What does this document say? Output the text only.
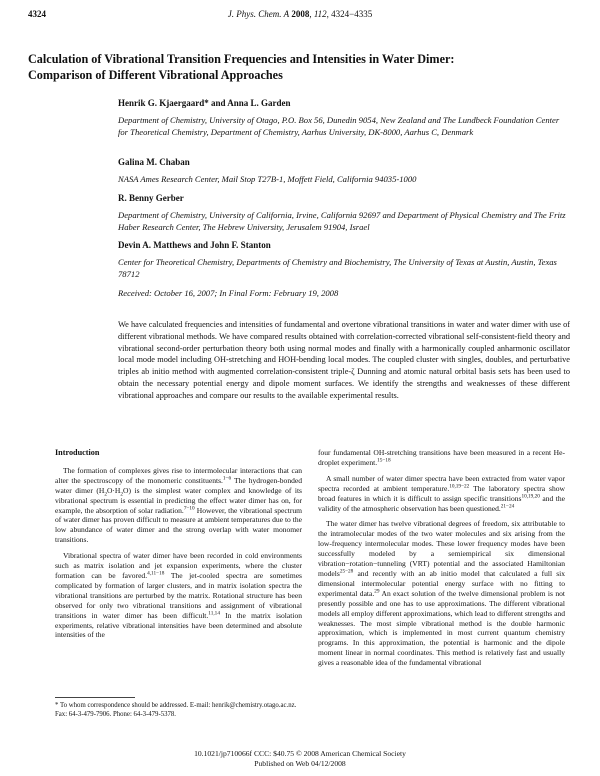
4324	J. Phys. Chem. A 2008, 112, 4324−4335
Calculation of Vibrational Transition Frequencies and Intensities in Water Dimer:
Comparison of Different Vibrational Approaches
Henrik G. Kjaergaard* and Anna L. Garden
Department of Chemistry, University of Otago, P.O. Box 56, Dunedin 9054, New Zealand and The Lundbeck Foundation Center for Theoretical Chemistry, Department of Chemistry, Aarhus University, DK-8000, Aarhus C, Denmark
Galina M. Chaban
NASA Ames Research Center, Mail Stop T27B-1, Moffett Field, California 94035-1000
R. Benny Gerber
Department of Chemistry, University of California, Irvine, California 92697 and Department of Physical Chemistry and The Fritz Haber Research Center, The Hebrew University, Jerusalem 91904, Israel
Devin A. Matthews and John F. Stanton
Center for Theoretical Chemistry, Departments of Chemistry and Biochemistry, The University of Texas at Austin, Austin, Texas 78712
Received: October 16, 2007; In Final Form: February 19, 2008
We have calculated frequencies and intensities of fundamental and overtone vibrational transitions in water and water dimer with use of different vibrational methods. We have compared results obtained with correlation-corrected vibrational self-consistent-field theory and vibrational second-order perturbation theory both using normal modes and finally with a harmonically coupled anharmonic oscillator local mode model including OH-stretching and HOH-bending local modes. The coupled cluster with singles, doubles, and perturbative triples ab initio method with augmented correlation-consistent triple-ζ Dunning and atomic natural orbital basis sets has been used to obtain the necessary potential energy and dipole moment surfaces. We identify the strengths and weaknesses of these different vibrational approaches and compare our results to the available experimental results.
Introduction

The formation of complexes gives rise to intermolecular interactions that can alter the spectroscopy of the monomeric constituents.$^{1-6}$ The hydrogen-bonded water dimer $(H_2O\cdot H_2O)$ is the simplest water complex and knowledge of its vibrational spectrum is essential in predicting the effect water dimer has on, for example, the absorption of solar radiation.$^{7-10}$ However, the vibrational spectrum of water dimer has proven difficult to measure at ambient temperatures due to the low abundance of water dimer and the strong overlap with water monomer transitions.

Vibrational spectra of water dimer have been recorded in cold environments such as matrix isolation and jet expansion experiments, where the cluster formation can be favored.$^{4,11-18}$ The jet-cooled spectra are sometimes complicated by formation of larger clusters, and in matrix isolation spectra the vibrational transitions are perturbed by the matrix. Rotational structure has been observed for only two vibrational transitions and assignment of vibrational transitions in water dimer has been difficult.$^{11,14}$ In the matrix isolation experiments, relative vibrational intensities have been determined and absolute intensities of the

four fundamental OH-stretching transitions have been measured in a recent He-droplet experiment.$^{15-18}$

A small number of water dimer spectra have been extracted from water vapor spectra recorded at ambient temperature.$^{10,19-22}$ The laboratory spectra show broad features in which it is difficult to assign specific transitions$^{10,19,20}$ and the validity of the atmospheric observation has been questioned.$^{21-24}$

The water dimer has twelve vibrational degrees of freedom, six attributable to the intramolecular modes of the two water molecules and six arising from the low-frequency intermolecular modes. These lower frequency modes have been successfully modeled by a semiempirical six dimensional vibration−rotation−tunneling (VRT) potential and the associated Hamiltonian models$^{25-28}$ and recently with an ab initio model that calculated a full six dimensional intermolecular potential energy surface with no fitting to experimental data.$^{29}$ An exact solution of the twelve dimensional problem is not presently possible and one has to use approximations. The different vibrational models all employ different approximations, which lead to different strengths and weaknesses. The most simple vibrational method is the double harmonic approximation, which is implemented in most current quantum chemistry programs. In this approximation, the potential is harmonic and the dipole moment linear in normal coordinates. This method is relatively fast and usually gives a reasonable idea of the fundamental vibrational

* To whom correspondence should be addressed. E-mail: henrik@chemistry.otago.ac.nz. Fax: 64-3-479-7906. Phone: 64-3-479-5378.
10.1021/jp710066f CCC: $40.75 © 2008 American Chemical Society
Published on Web 04/12/2008
